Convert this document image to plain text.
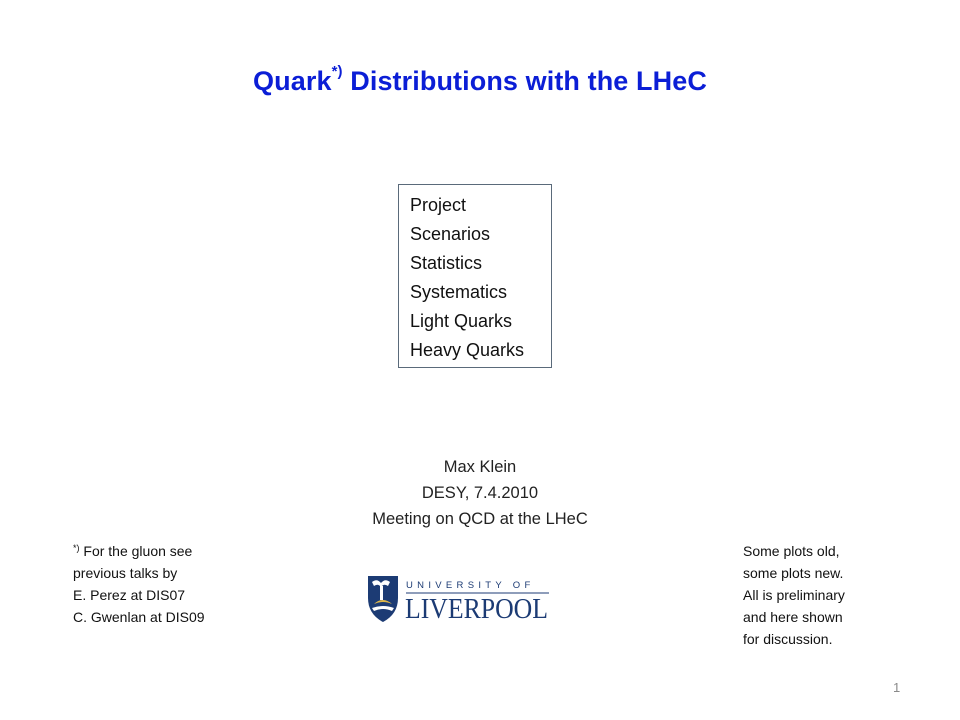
Quark*) Distributions with the LHeC
Project
Scenarios
Statistics
Systematics
Light Quarks
Heavy Quarks
Max Klein
DESY, 7.4.2010
Meeting on QCD at the LHeC
*) For the gluon see
previous talks by
E. Perez at DIS07
C. Gwenlan at DIS09
Some plots old,
some plots new.
All is preliminary
and here shown
for discussion.
UNIVERSITY OF
LIVERPOOL
1
